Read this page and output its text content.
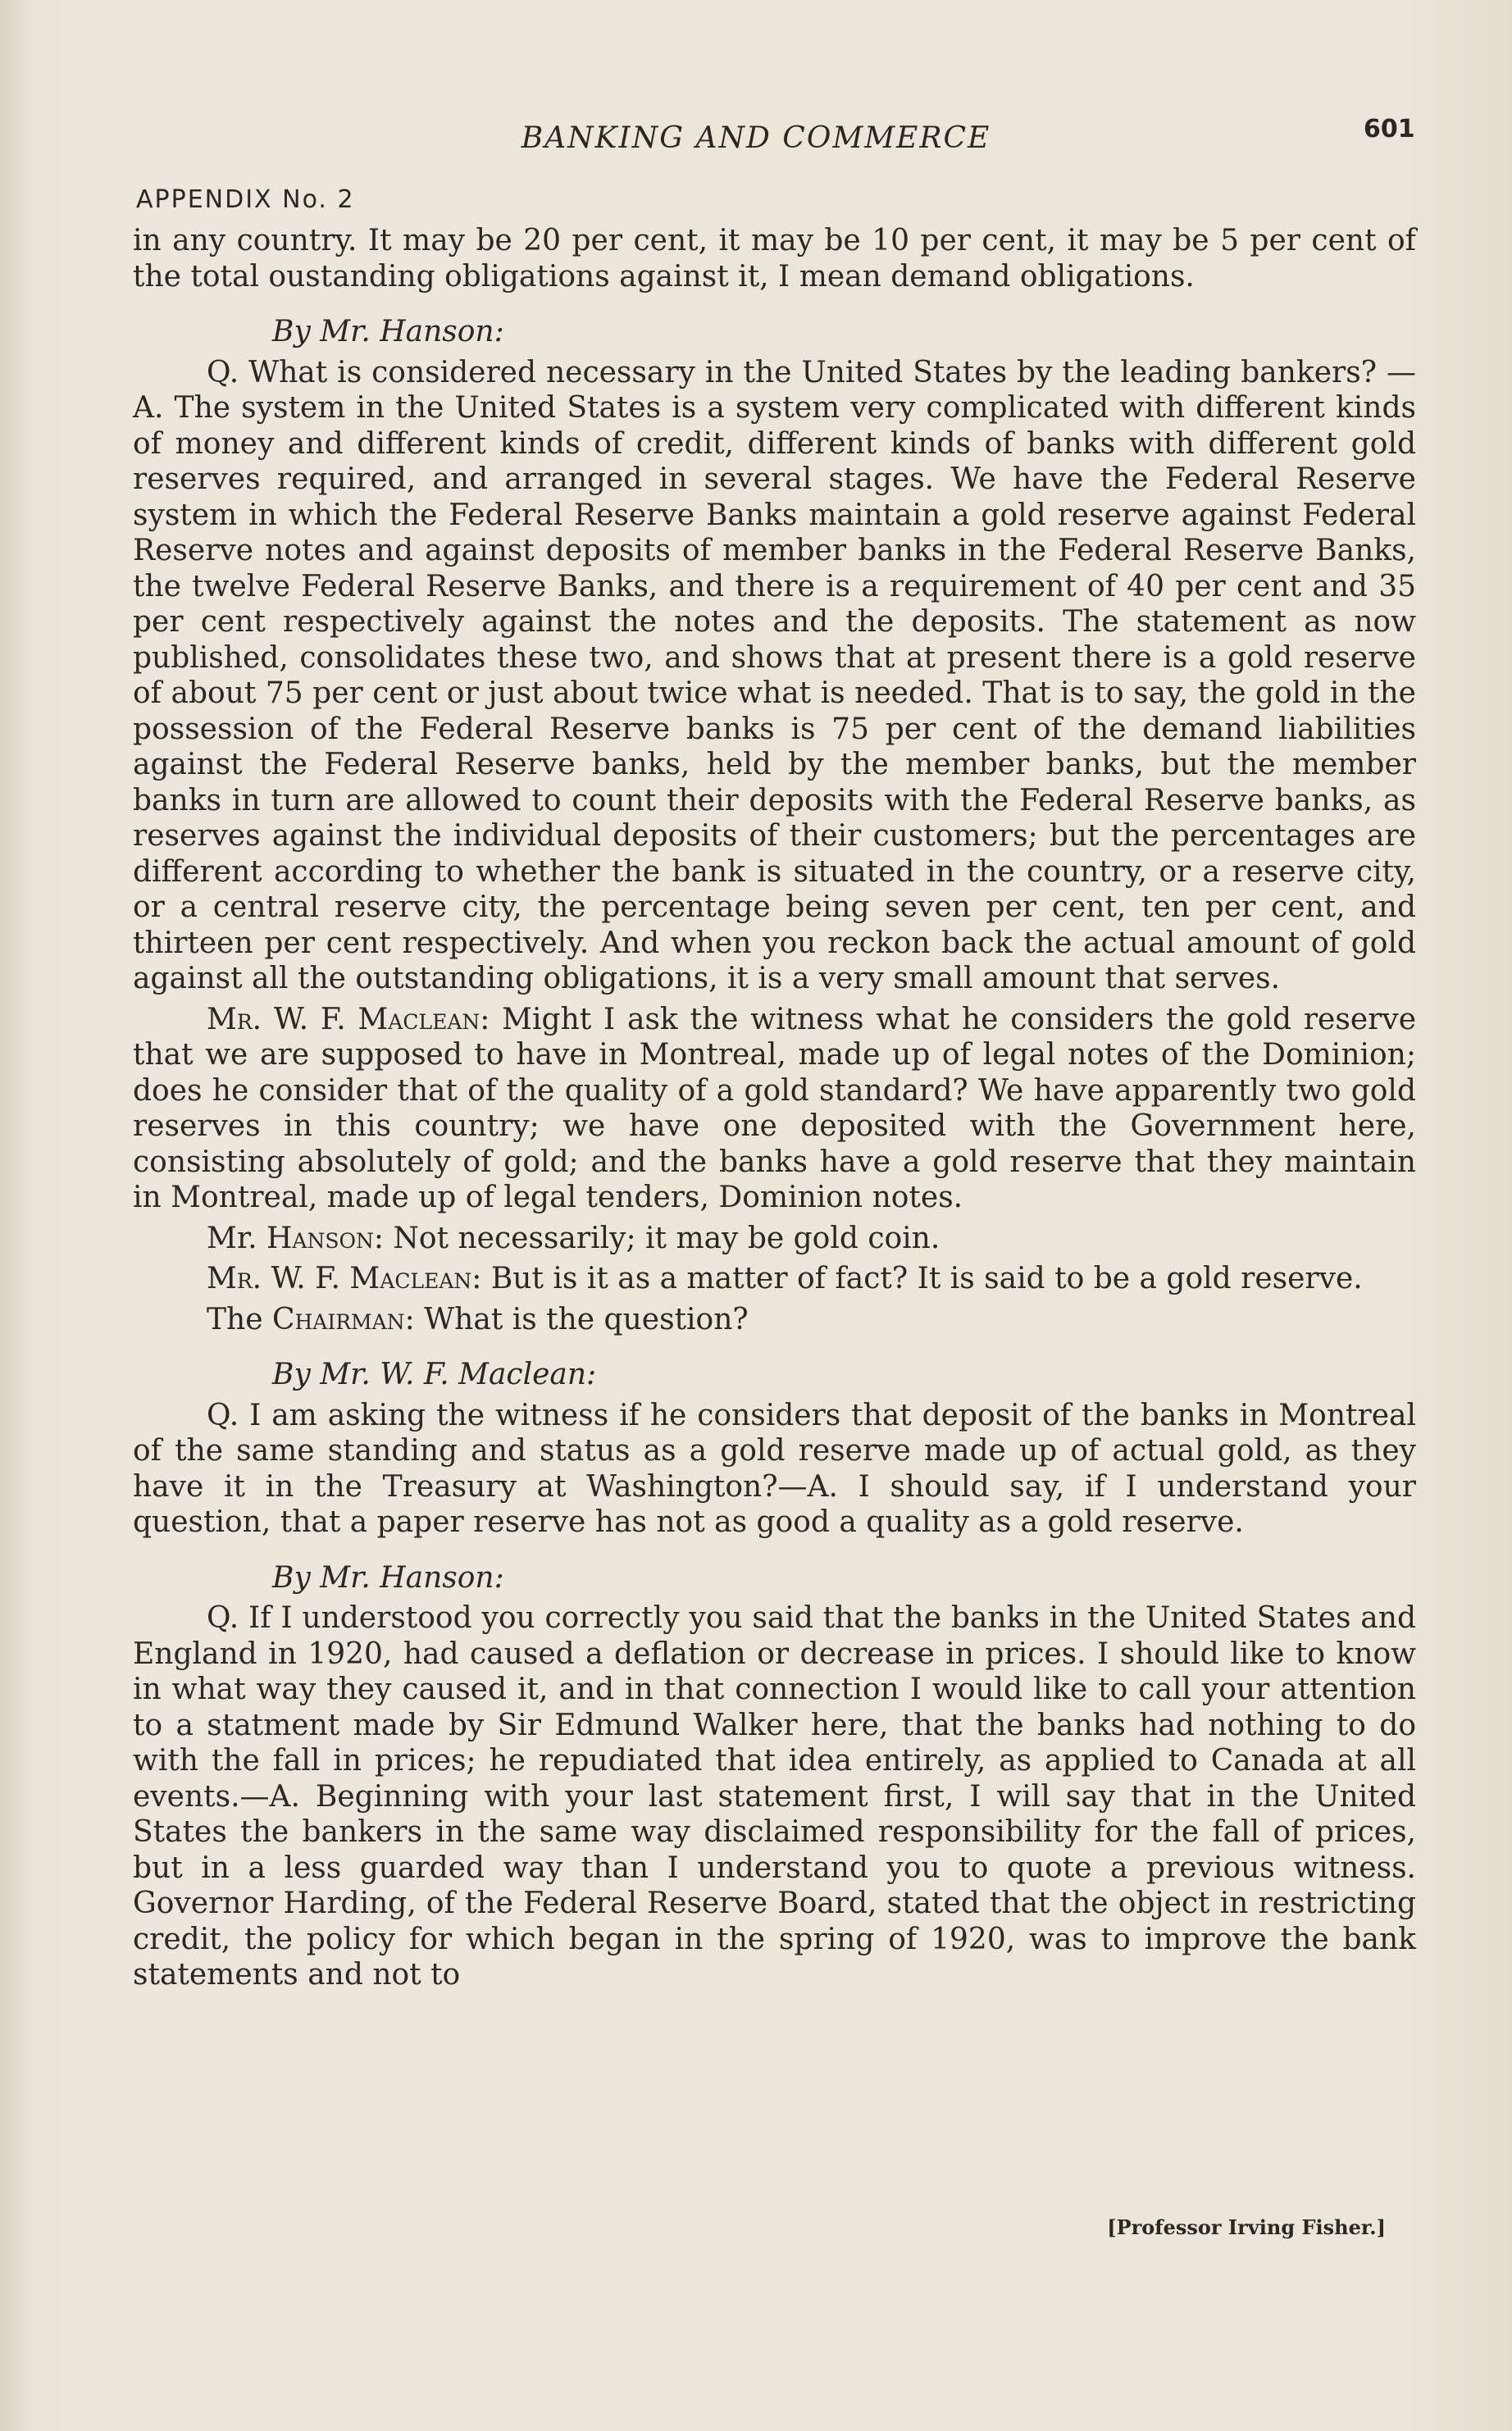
BANKING AND COMMERCE	601
APPENDIX No. 2

in any country. It may be 20 per cent, it may be 10 per cent, it may be 5 per cent of the total oustanding obligations against it, I mean demand obligations.

By Mr. Hanson:

Q. What is considered necessary in the United States by the leading bankers? —A. The system in the United States is a system very complicated with different kinds of money and different kinds of credit, different kinds of banks with different gold reserves required, and arranged in several stages. We have the Federal Reserve system in which the Federal Reserve Banks maintain a gold reserve against Federal Reserve notes and against deposits of member banks in the Federal Reserve Banks, the twelve Federal Reserve Banks, and there is a requirement of 40 per cent and 35 per cent respectively against the notes and the deposits. The statement as now published, consolidates these two, and shows that at present there is a gold reserve of about 75 per cent or just about twice what is needed. That is to say, the gold in the possession of the Federal Reserve banks is 75 per cent of the demand liabilities against the Federal Reserve banks, held by the member banks, but the member banks in turn are allowed to count their deposits with the Federal Reserve banks, as reserves against the individual deposits of their customers; but the percentages are different according to whether the bank is situated in the country, or a reserve city, or a central reserve city, the percentage being seven per cent, ten per cent, and thirteen per cent respectively. And when you reckon back the actual amount of gold against all the outstanding obligations, it is a very small amount that serves.

Mr. W. F. Maclean: Might I ask the witness what he considers the gold reserve that we are supposed to have in Montreal, made up of legal notes of the Dominion; does he consider that of the quality of a gold standard? We have apparently two gold reserves in this country; we have one deposited with the Government here, consisting absolutely of gold; and the banks have a gold reserve that they maintain in Montreal, made up of legal tenders, Dominion notes.

Mr. Hanson: Not necessarily; it may be gold coin.

Mr. W. F. Maclean: But is it as a matter of fact? It is said to be a gold reserve.

The Chairman: What is the question?

By Mr. W. F. Maclean:

Q. I am asking the witness if he considers that deposit of the banks in Montreal of the same standing and status as a gold reserve made up of actual gold, as they have it in the Treasury at Washington?—A. I should say, if I understand your question, that a paper reserve has not as good a quality as a gold reserve.

By Mr. Hanson:

Q. If I understood you correctly you said that the banks in the United States and England in 1920, had caused a deflation or decrease in prices. I should like to know in what way they caused it, and in that connection I would like to call your attention to a statment made by Sir Edmund Walker here, that the banks had nothing to do with the fall in prices; he repudiated that idea entirely, as applied to Canada at all events.—A. Beginning with your last statement first, I will say that in the United States the bankers in the same way disclaimed responsibility for the fall of prices, but in a less guarded way than I understand you to quote a previous witness. Governor Harding, of the Federal Reserve Board, stated that the object in restricting credit, the policy for which began in the spring of 1920, was to improve the bank statements and not to

[Professor Irving Fisher.]
